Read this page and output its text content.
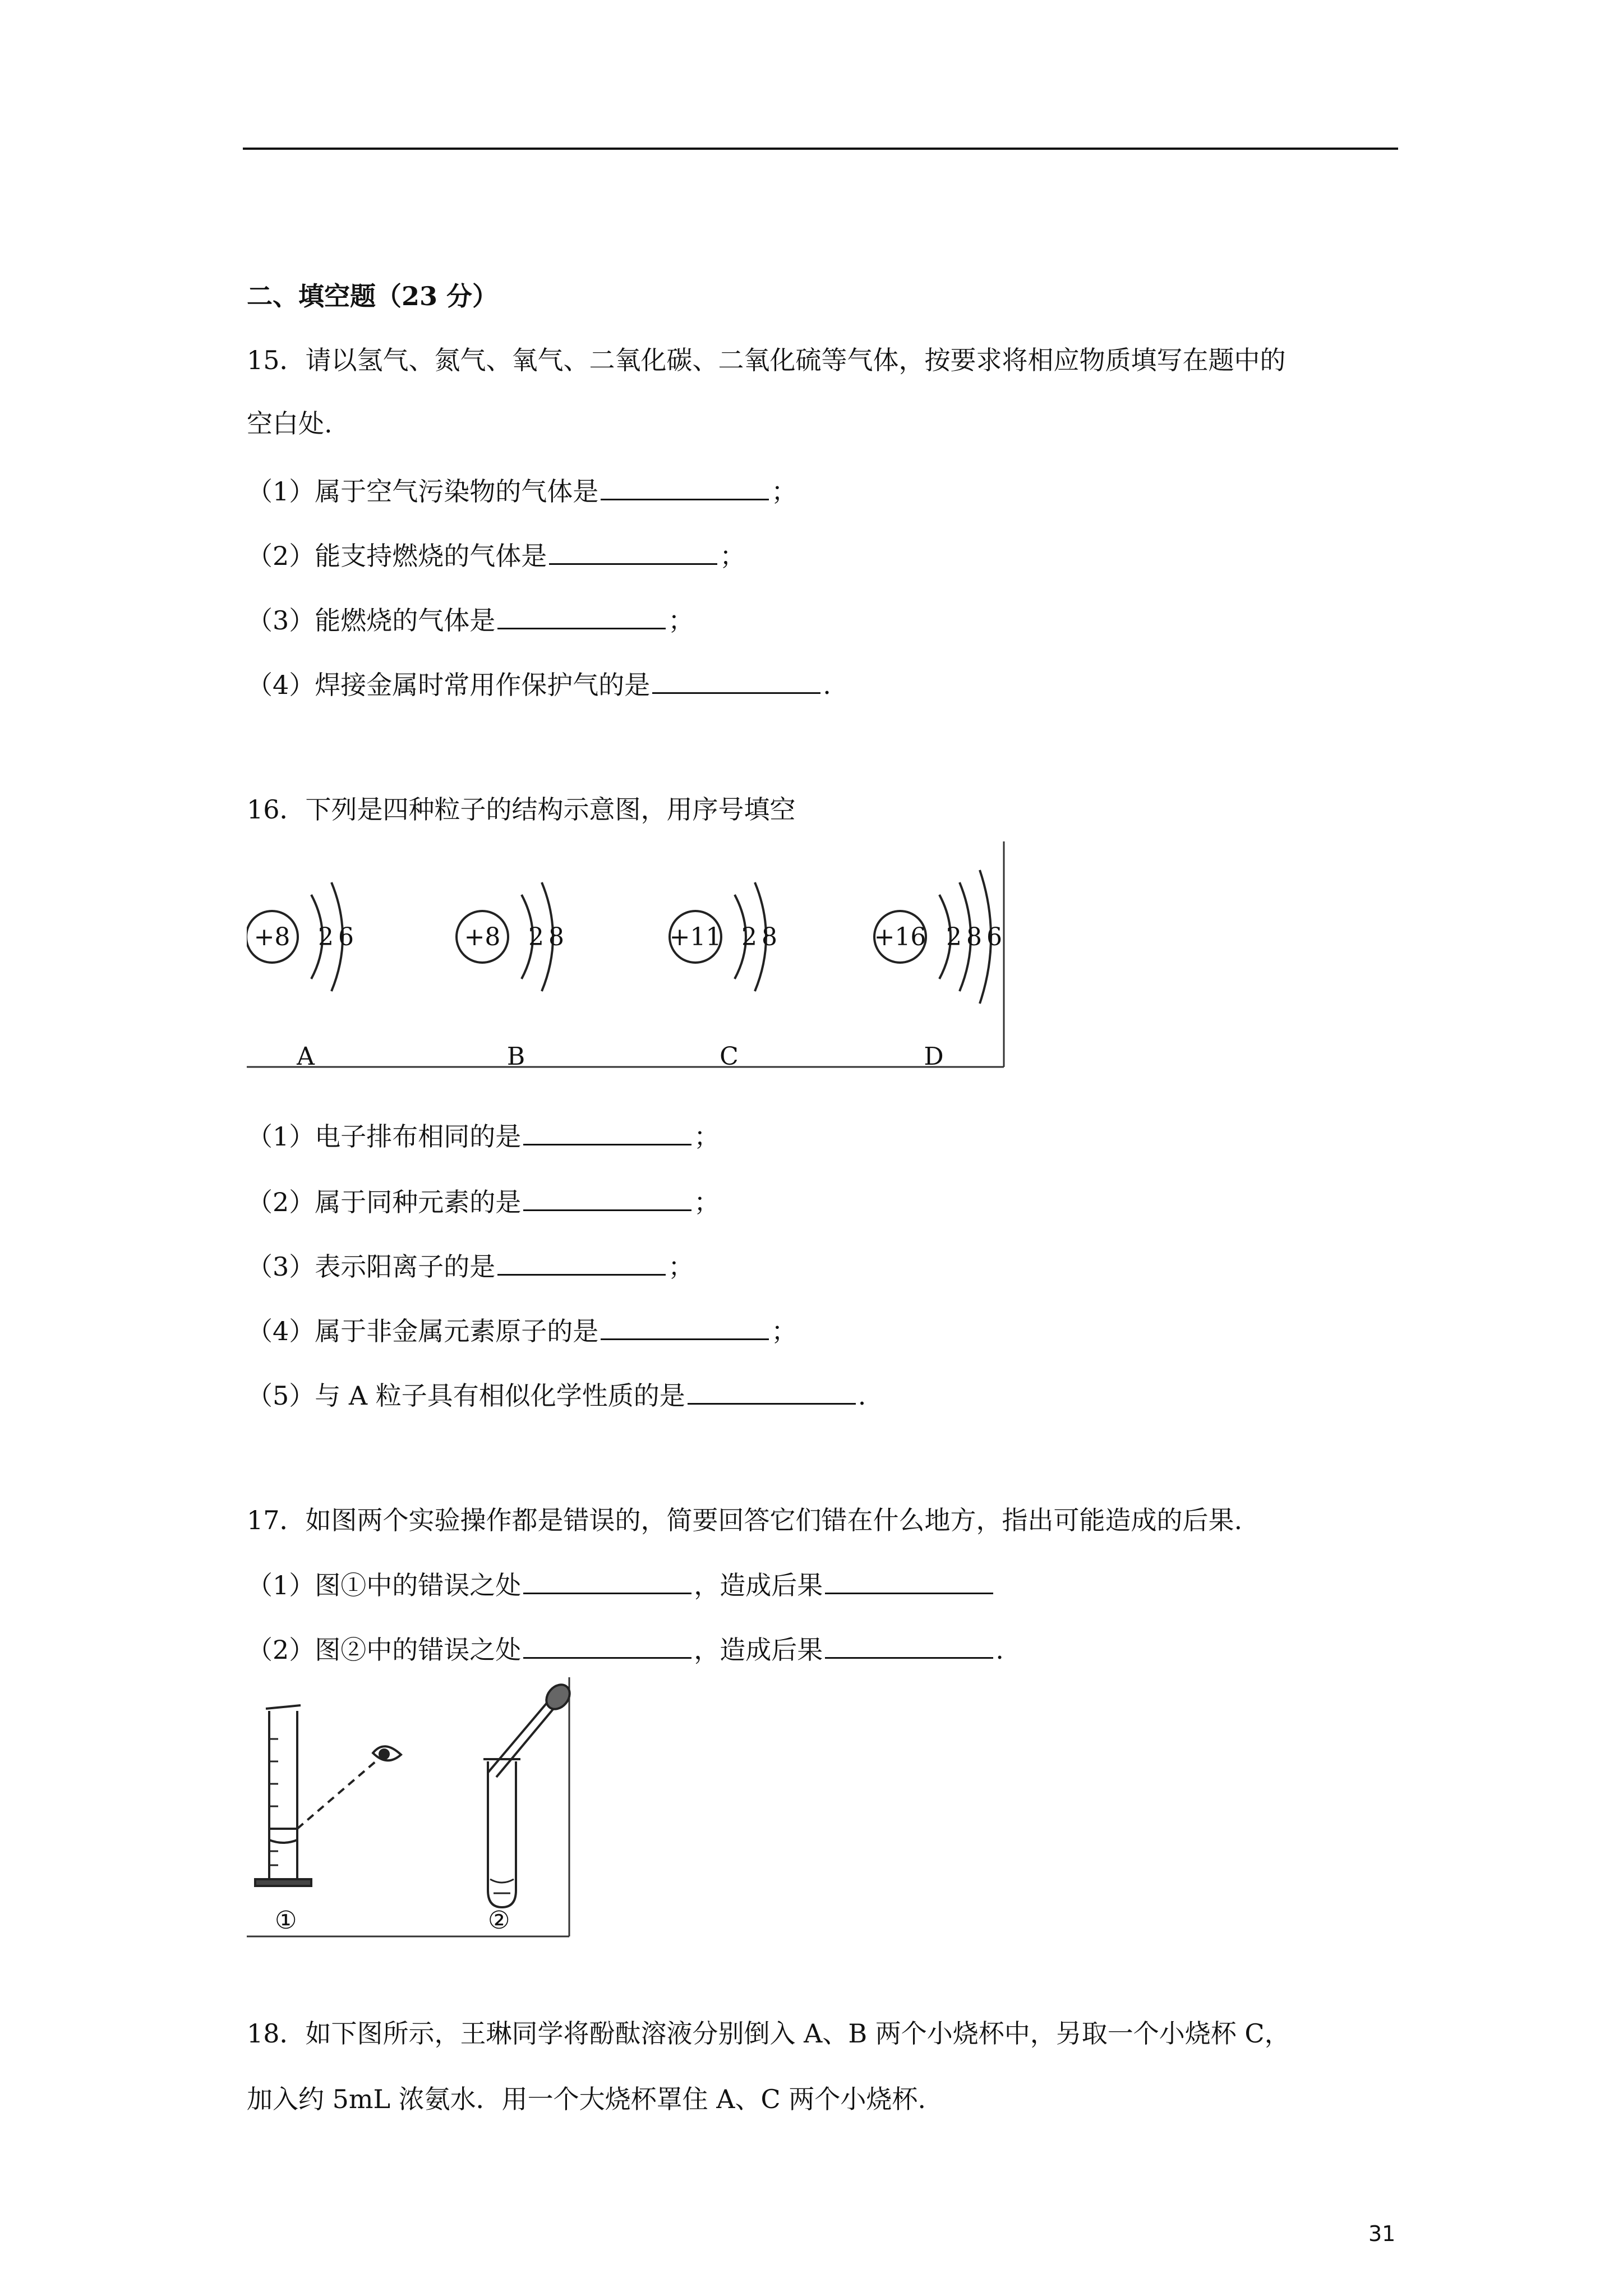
二、填空题（23 分）
15．请以氢气、氮气、氧气、二氧化碳、二氧化硫等气体，按要求将相应物质填写在题中的
空白处.
（1）属于空气污染物的气体是	；
（2）能支持燃烧的气体是	；
（3）能燃烧的气体是	；
（4）焊接金属时常用作保护气的是	.
16．下列是四种粒子的结构示意图，用序号填空
+8 2 6
A
+8 2 8
B
+11 2 8
C
+16 2 8 6
D
（1）电子排布相同的是	；
（2）属于同种元素的是	；
（3）表示阳离子的是	；
（4）属于非金属元素原子的是	；
（5）与 A 粒子具有相似化学性质的是	.
17．如图两个实验操作都是错误的，简要回答它们错在什么地方，指出可能造成的后果.
（1）图①中的错误之处	，造成后果
（2）图②中的错误之处	，造成后果	.
①	②
18．如下图所示，王琳同学将酚酞溶液分别倒入 A、B 两个小烧杯中，另取一个小烧杯 C，
加入约 5mL 浓氨水．用一个大烧杯罩住 A、C 两个小烧杯.
31
